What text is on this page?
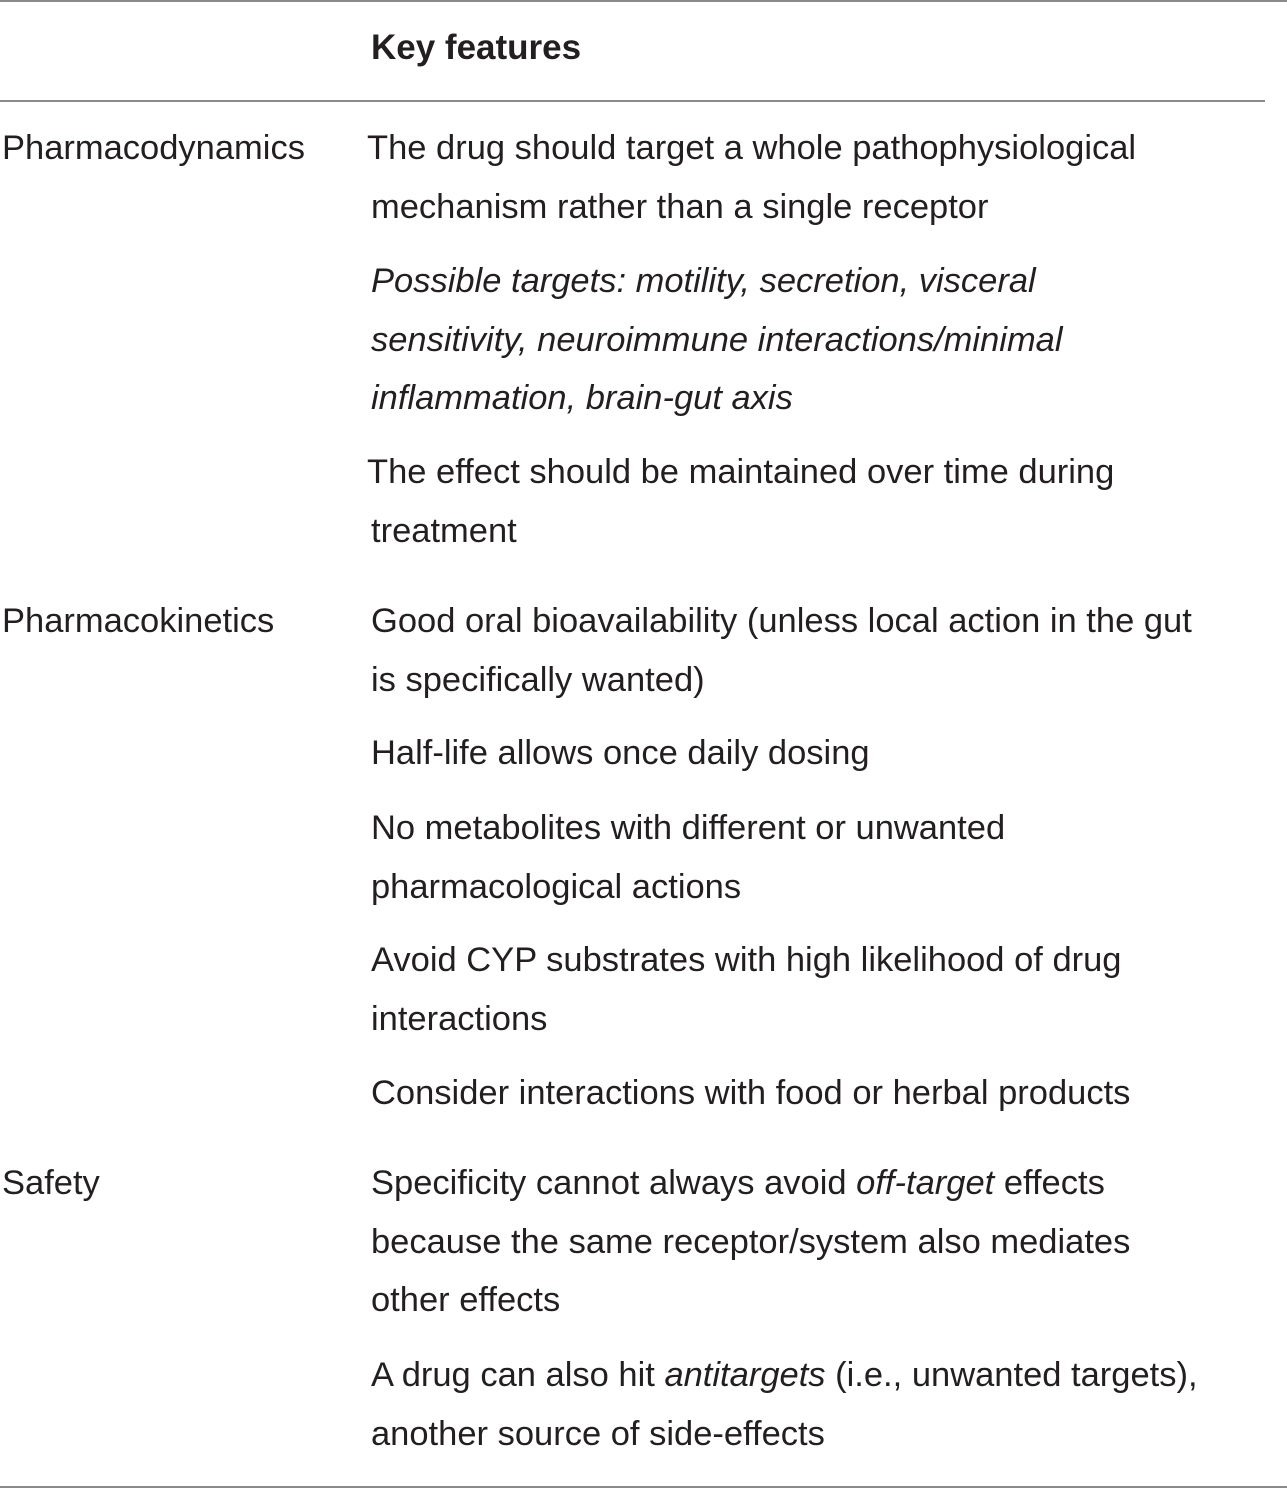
Key features
Pharmacodynamics The drug should target a whole pathophysiological
mechanism rather than a single receptor
Possible targets: motility, secretion, visceral
sensitivity, neuroimmune interactions/minimal
inflammation, brain-gut axis
The effect should be maintained over time during
treatment
Pharmacokinetics	Good oral bioavailability (unless local action in the gut
is specifically wanted)
Half-life allows once daily dosing
No metabolites with different or unwanted
pharmacological actions
Avoid CYP substrates with high likelihood of drug
interactions
Consider interactions with food or herbal products
Safety	Specificity cannot always avoid off-target effects
because the same receptor/system also mediates
other effects
A drug can also hit antitargets (i.e., unwanted targets),
another source of side-effects
